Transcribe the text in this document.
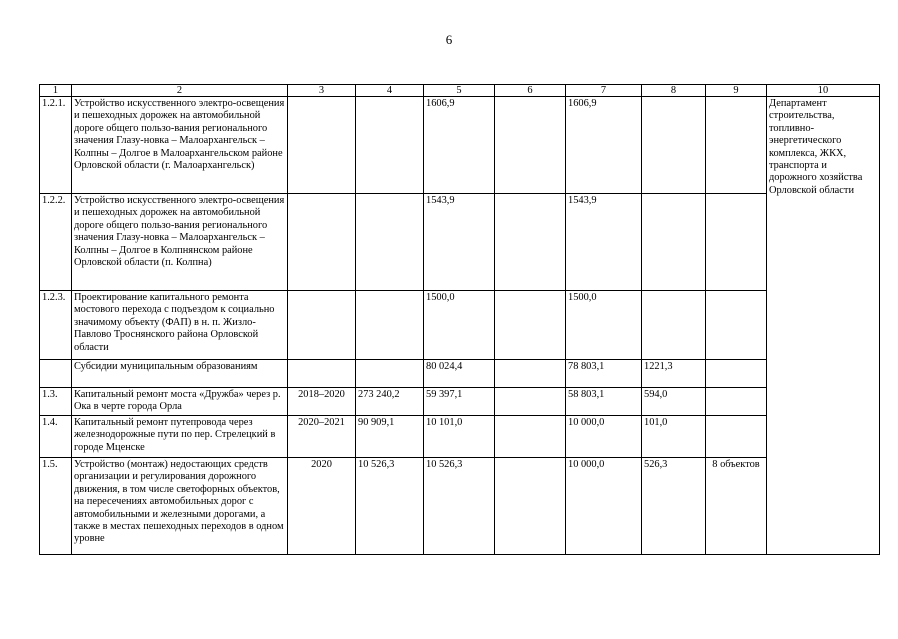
6
1	2	3	4	5	6	7	8	9	10
1.2.1.	Устройство искусственного электро-освещения и пешеходных дорожек на автомобильной дороге общего пользо-вания регионального значения Глазу-новка – Малоархангельск – Колпны – Долгое в Малоархангельском районе Орловской области (г. Малоархангельск)			1606,9		1606,9			Департамент строительства, топливно-энергетического комплекса, ЖКХ, транспорта и дорожного хозяйства Орловской области
1.2.2.	Устройство искусственного электро-освещения и пешеходных дорожек на автомобильной дороге общего пользо-вания регионального значения Глазу-новка – Малоархангельск – Колпны – Долгое в Колпнянском районе Орловской области (п. Колпна)			1543,9		1543,9			
1.2.3.	Проектирование капитального ремонта мостового перехода с подъездом к социально значимому объекту (ФАП) в н. п. Жизло-Павлово Троснянского района Орловской области			1500,0		1500,0			
	Субсидии муниципальным образованиям			80 024,4		78 803,1	1221,3		
1.3.	Капитальный ремонт моста «Дружба» через р. Ока в черте города Орла	2018–2020	273 240,2	59 397,1		58 803,1	594,0		
1.4.	Капитальный ремонт путепровода через железнодорожные пути по пер. Стрелецкий в городе Мценске	2020–2021	90 909,1	10 101,0		10 000,0	101,0		
1.5.	Устройство (монтаж) недостающих средств организации и регулирования дорожного движения, в том числе светофорных объектов, на пересечениях автомобильных дорог с автомобильными и железными дорогами, а также в местах пешеходных переходов в одном уровне	2020	10 526,3	10 526,3		10 000,0	526,3	8 объектов	
